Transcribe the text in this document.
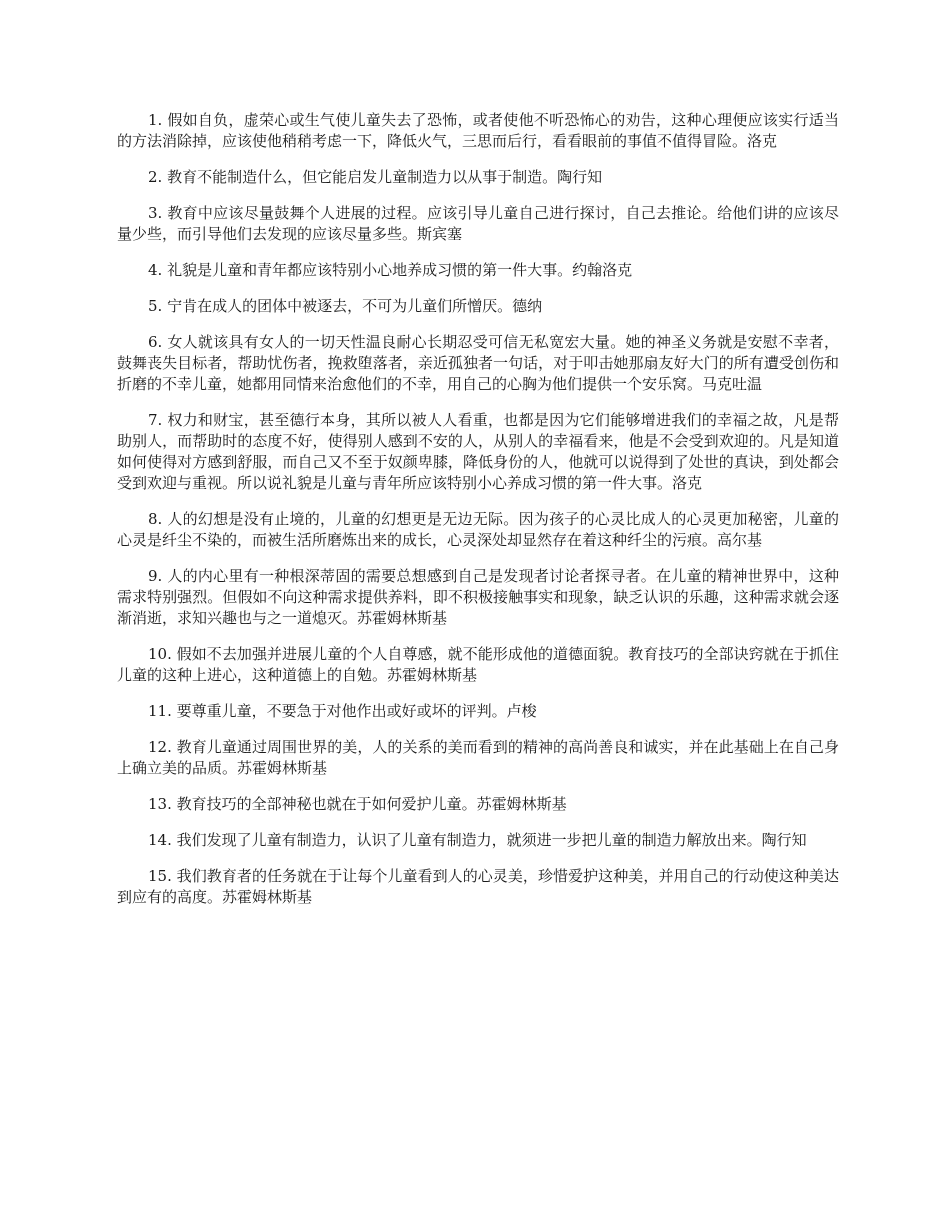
1. 假如自负，虚荣心或生气使儿童失去了恐怖，或者使他不听恐怖心的劝告，这种心理便应该实行适当的方法消除掉，应该使他稍稍考虑一下，降低火气，三思而后行，看看眼前的事值不值得冒险。洛克

2. 教育不能制造什么，但它能启发儿童制造力以从事于制造。陶行知

3. 教育中应该尽量鼓舞个人进展的过程。应该引导儿童自己进行探讨，自己去推论。给他们讲的应该尽量少些，而引导他们去发现的应该尽量多些。斯宾塞

4. 礼貌是儿童和青年都应该特别小心地养成习惯的第一件大事。约翰洛克

5. 宁肯在成人的团体中被逐去，不可为儿童们所憎厌。德纳

6. 女人就该具有女人的一切天性温良耐心长期忍受可信无私宽宏大量。她的神圣义务就是安慰不幸者，鼓舞丧失目标者，帮助忧伤者，挽救堕落者，亲近孤独者一句话，对于叩击她那扇友好大门的所有遭受创伤和折磨的不幸儿童，她都用同情来治愈他们的不幸，用自己的心胸为他们提供一个安乐窝。马克吐温

7. 权力和财宝，甚至德行本身，其所以被人人看重，也都是因为它们能够增进我们的幸福之故，凡是帮助别人，而帮助时的态度不好，使得别人感到不安的人，从别人的幸福看来，他是不会受到欢迎的。凡是知道如何使得对方感到舒服，而自己又不至于奴颜卑膝，降低身份的人，他就可以说得到了处世的真诀，到处都会受到欢迎与重视。所以说礼貌是儿童与青年所应该特别小心养成习惯的第一件大事。洛克

8. 人的幻想是没有止境的，儿童的幻想更是无边无际。因为孩子的心灵比成人的心灵更加秘密，儿童的心灵是纤尘不染的，而被生活所磨炼出来的成长，心灵深处却显然存在着这种纤尘的污痕。高尔基

9. 人的内心里有一种根深蒂固的需要总想感到自己是发现者讨论者探寻者。在儿童的精神世界中，这种需求特别强烈。但假如不向这种需求提供养料，即不积极接触事实和现象，缺乏认识的乐趣，这种需求就会逐渐消逝，求知兴趣也与之一道熄灭。苏霍姆林斯基

10. 假如不去加强并进展儿童的个人自尊感，就不能形成他的道德面貌。教育技巧的全部诀窍就在于抓住儿童的这种上进心，这种道德上的自勉。苏霍姆林斯基

11. 要尊重儿童，不要急于对他作出或好或坏的评判。卢梭

12. 教育儿童通过周围世界的美，人的关系的美而看到的精神的高尚善良和诚实，并在此基础上在自己身上确立美的品质。苏霍姆林斯基

13. 教育技巧的全部神秘也就在于如何爱护儿童。苏霍姆林斯基

14. 我们发现了儿童有制造力，认识了儿童有制造力，就须进一步把儿童的制造力解放出来。陶行知

15. 我们教育者的任务就在于让每个儿童看到人的心灵美，珍惜爱护这种美，并用自己的行动使这种美达到应有的高度。苏霍姆林斯基
